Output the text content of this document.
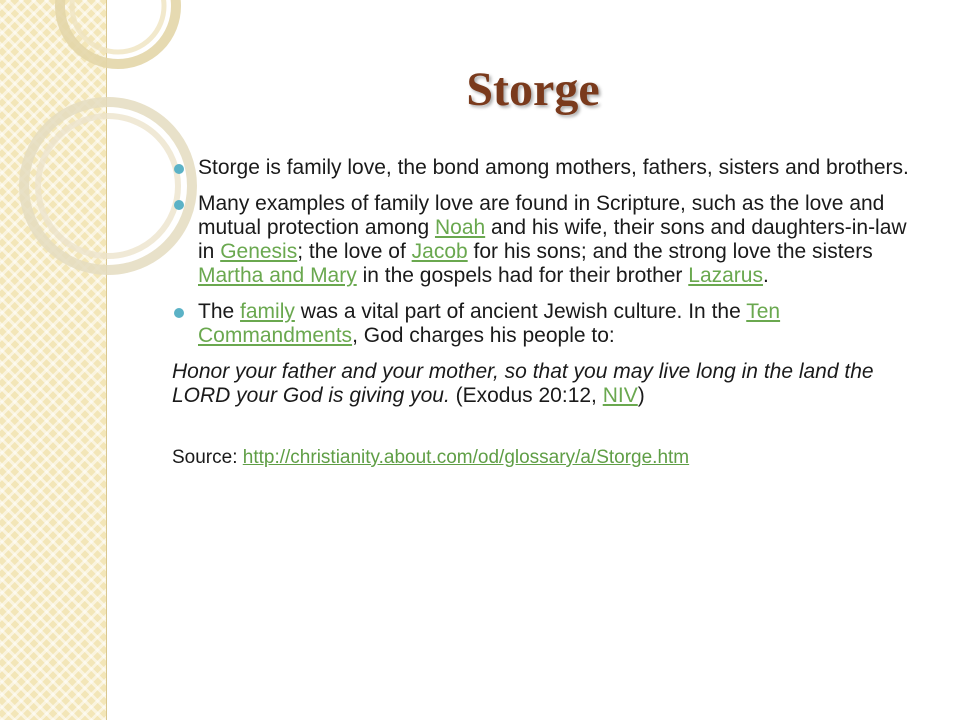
Storge
Storge is family love, the bond among mothers, fathers, sisters and brothers.
Many examples of family love are found in Scripture, such as the love and mutual protection among Noah and his wife, their sons and daughters-in-law in Genesis; the love of Jacob for his sons; and the strong love the sisters Martha and Mary in the gospels had for their brother Lazarus.
The family was a vital part of ancient Jewish culture. In the Ten Commandments, God charges his people to:
Honor your father and your mother, so that you may live long in the land the LORD your God is giving you. (Exodus 20:12, NIV)
Source: http://christianity.about.com/od/glossary/a/Storge.htm
